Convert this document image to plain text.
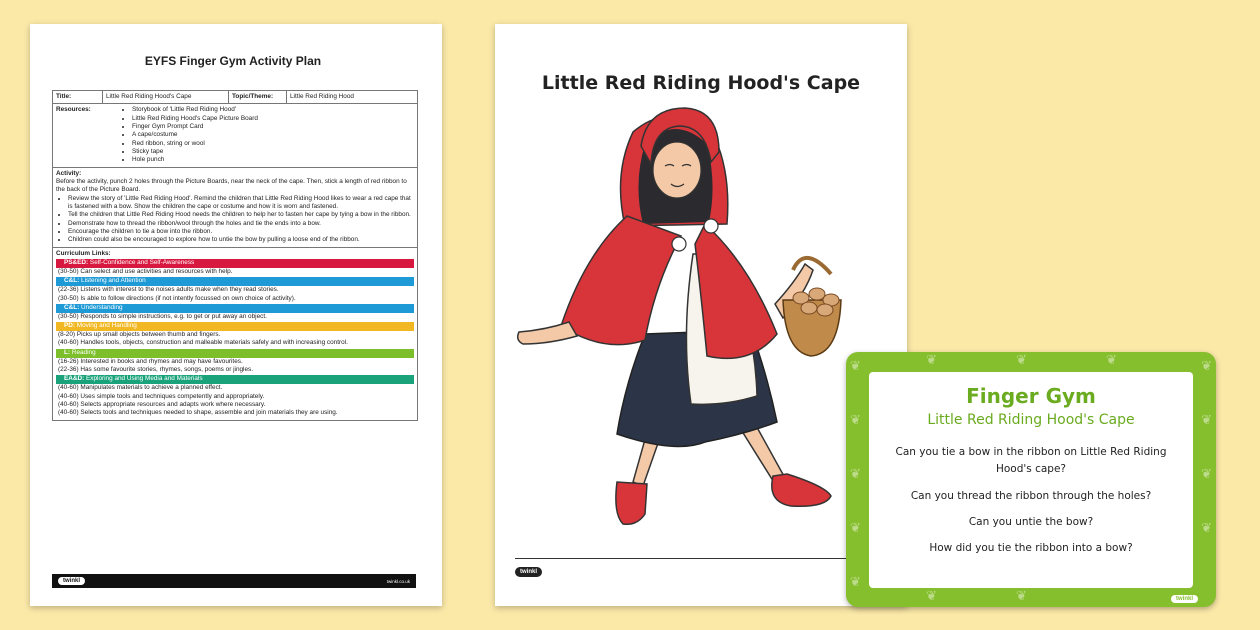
EYFS Finger Gym Activity Plan
Title:	Little Red Riding Hood's Cape	Topic/Theme:	Little Red Riding Hood

Resources:
•	Storybook of 'Little Red Riding Hood'
• Little Red Riding Hood's Cape Picture Board
• Finger Gym Prompt Card
• A cape/costume
• Red ribbon, string or wool
• Sticky tape
• Hole punch

Activity:
Before the activity, punch 2 holes through the Picture Boards, near the neck of the cape. Then, stick a length of red ribbon to the back of the Picture Board.
• Review the story of 'Little Red Riding Hood'. Remind the children that Little Red Riding Hood likes to wear a red cape that is fastened with a bow. Show the children the cape or costume and how it is worn and fastened.
• Tell the children that Little Red Riding Hood needs the children to help her to fasten her cape by tying a bow in the ribbon.
• Demonstrate how to thread the ribbon/wool through the holes and tie the ends into a bow.
• Encourage the children to tie a bow into the ribbon.
• Children could also be encouraged to explore how to untie the bow by pulling a loose end of the ribbon.

Curriculum Links:
PS&ED: Self-Confidence and Self-Awareness
(30-50) Can select and use activities and resources with help.
C&L: Listening and Attention
(22-36) Listens with interest to the noises adults make when they read stories.
(30-50) Is able to follow directions (if not intently focussed on own choice of activity).
C&L: Understanding
(30-50) Responds to simple instructions, e.g. to get or put away an object.
PD: Moving and Handling
(8-20) Picks up small objects between thumb and fingers.
(40-60) Handles tools, objects, construction and malleable materials safely and with increasing control.
L: Reading
(16-26) Interested in books and rhymes and may have favourites.
(22-36) Has some favourite stories, rhymes, songs, poems or jingles.
EA&D: Exploring and Using Media and Materials
(40-60) Manipulates materials to achieve a planned effect.
(40-60) Uses simple tools and techniques competently and appropriately.
(40-60) Selects appropriate resources and adapts work where necessary.
(40-60) Selects tools and techniques needed to shape, assemble and join materials they are using.
twinkl	twinkl.co.uk
Little Red Riding Hood's Cape
twinkl
❦
❦
❦
❦
❦
❦
❦
❦
❦
❦	❦	❦
❦	❦
Finger Gym
Little Red Riding Hood's Cape
Can you tie a bow in the ribbon on Little Red Riding Hood's cape?
Can you thread the ribbon through the holes?
Can you untie the bow?
How did you tie the ribbon into a bow?
twinkl
